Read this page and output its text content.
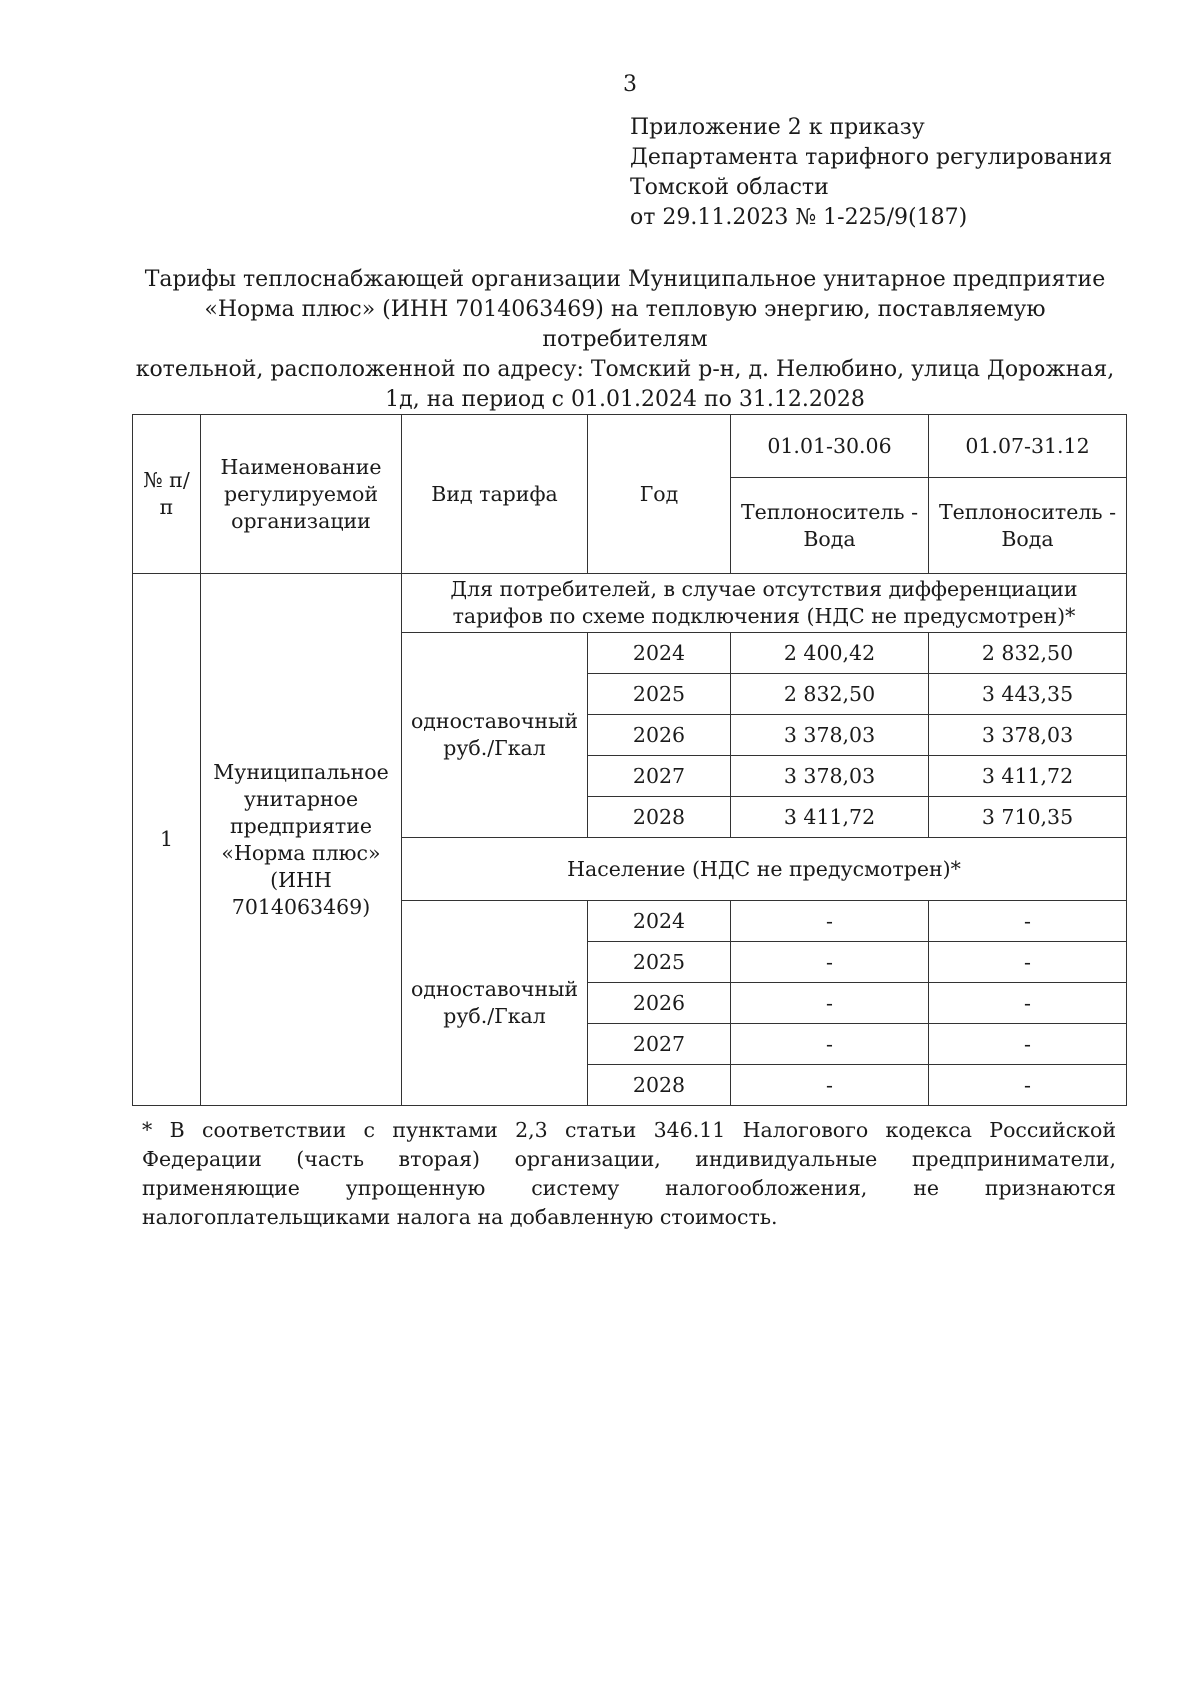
3
Приложение 2 к приказу
Департамента тарифного регулирования
Томской области
от 29.11.2023 № 1-225/9(187)
Тарифы теплоснабжающей организации Муниципальное унитарное предприятие
«Норма плюс» (ИНН 7014063469) на тепловую энергию, поставляемую потребителям
котельной, расположенной по адресу: Томский р-н, д. Нелюбино, улица Дорожная,
1д, на период с 01.01.2024 по 31.12.2028
№ п/п	Наименование регулируемой организации	Вид тарифа	Год	01.01-30.06	01.07-31.12
				Теплоноситель - Вода	Теплоноситель - Вода
1	Муниципальное унитарное предприятие «Норма плюс» (ИНН 7014063469)	Для потребителей, в случае отсутствия дифференциации тарифов по схеме подключения (НДС не предусмотрен)*			
		одноставочный руб./Гкал	2024	2 400,42	2 832,50
			2025	2 832,50	3 443,35
			2026	3 378,03	3 378,03
			2027	3 378,03	3 411,72
			2028	3 411,72	3 710,35
		Население (НДС не предусмотрен)*			
		одноставочный руб./Гкал	2024	-	-
			2025	-	-
			2026	-	-
			2027	-	-
			2028	-	-
* В соответствии с пунктами 2,3 статьи 346.11 Налогового кодекса Российской Федерации (часть вторая) организации, индивидуальные предприниматели, применяющие упрощенную систему налогообложения, не признаются налогоплательщиками налога на добавленную стоимость.
